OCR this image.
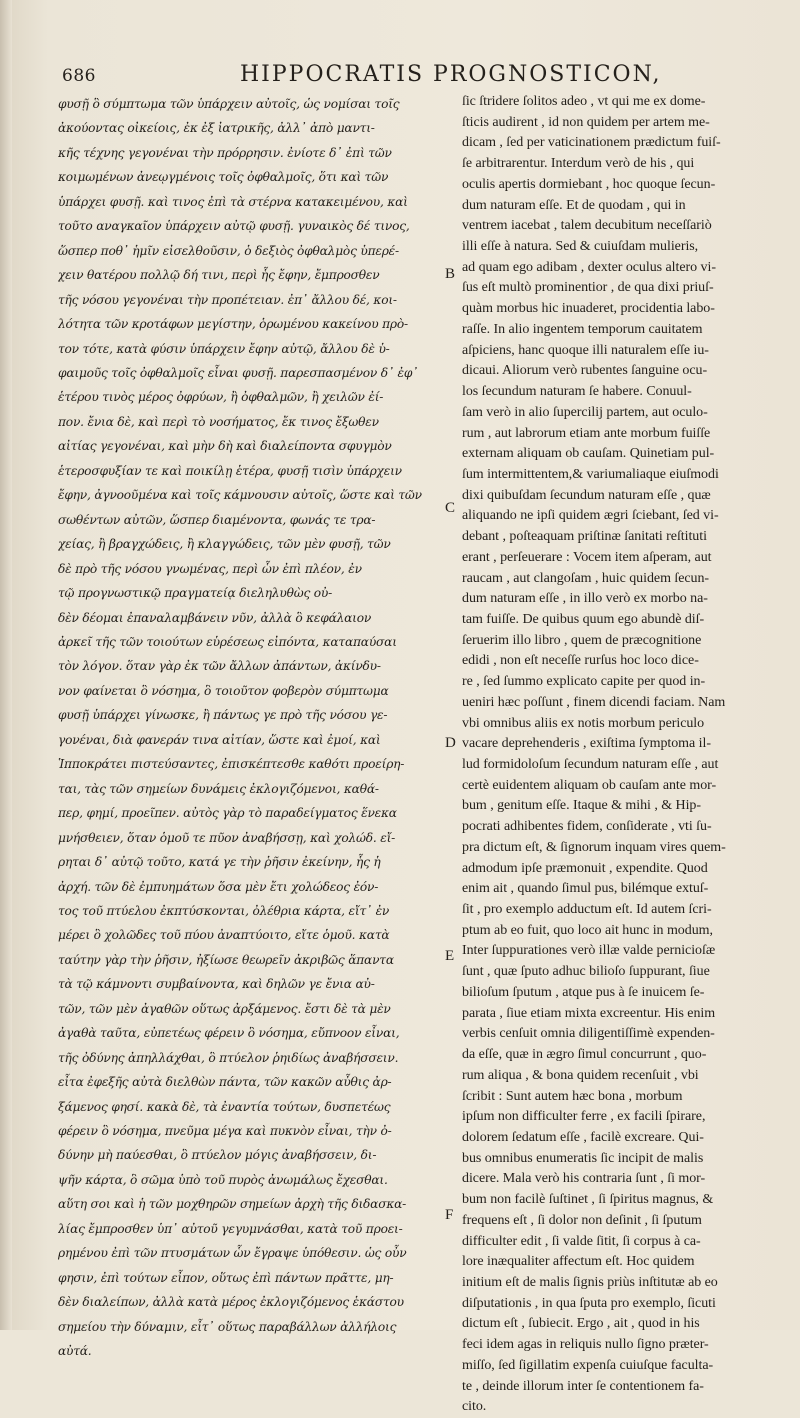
686	HIPPOCRATIS PROGNOSTICON,

φυσῇ ὃ σύμπτωμα τῶν ὑπάρχειν αὐτοῖς, ὡς νομίσαι τοῖς

ἀκούοντας οἰκείοις, ἐκ ἐξ ἰατρικῆς, ἀλλ᾽ ἀπὸ μαντι-

κῆς τέχνης γεγονέναι τὴν πρόρρησιν. ἐνίοτε δ᾽ ἐπὶ τῶν

κοιμωμένων ἀνεῳγμένοις τοῖς ὀφθαλμοῖς, ὅτι καὶ τῶν

ὑπάρχει φυσῇ. καὶ τινος ἐπὶ τὰ στέρνα κατακειμένου, καὶ

τοῦτο αναγκαῖον ὑπάρχειν αὐτῷ φυσῇ. γυναικὸς δέ τινος,

ὥσπερ ποθ᾽ ἡμῖν εἰσελθοῦσιν, ὁ δεξιὸς ὀφθαλμὸς ὑπερέ-

χειν θατέρου πολλῷ δή τινι, περὶ ἧς ἔφην, ἔμπροσθεν

τῆς νόσου γεγονέναι τὴν προπέτειαν. ἐπ᾽ ἄλλου δέ, κοι-

λότητα τῶν κροτάφων μεγίστην, ὁρωμένου κακείνου πρὸ-

τον τότε, κατὰ φύσιν ὑπάρχειν ἔφην αὐτῷ, ἄλλου δὲ ὑ-

φαιμοῦς τοῖς ὀφθαλμοῖς εἶναι φυσῇ. παρεσπασμένον δ᾽ ἐφ᾽

ἑτέρου τινὸς μέρος ὀφρύων, ἢ ὀφθαλμῶν, ἢ χειλῶν ἐί-

πον. ἔνια δὲ, καὶ περὶ τὸ νοσήματος, ἔκ τινος ἔξωθεν

αἰτίας γεγονέναι, καὶ μὴν δὴ καὶ διαλείποντα σφυγμὸν

ἑτεροσφυξίαν τε καὶ ποικίλῃ ἑτέρα, φυσῇ τισὶν ὑπάρχειν

ἔφην, ἀγνοοῦμένα καὶ τοῖς κάμνουσιν αὐτοῖς, ὥστε καὶ τῶν

σωθέντων αὐτῶν, ὥσπερ διαμένοντα, φωνάς τε τρα-

χείας, ἢ βραγχώδεις, ἢ κλαγγώδεις, τῶν μὲν φυσῇ, τῶν

δὲ πρὸ τῆς νόσου γνωμένας, περὶ ὧν ἐπὶ πλέον, ἐν

τῷ προγνωστικῷ πραγματείᾳ διεληλυθὼς οὐ-

δὲν δέομαι ἐπαναλαμβάνειν νῦν, ἀλλὰ ὃ κεφάλαιον

ἀρκεῖ τῆς τῶν τοιούτων εὑρέσεως εἰπόντα, καταπαύσαι

τὸν λόγον. ὅταν γὰρ ἐκ τῶν ἄλλων ἀπάντων, ἀκίνδυ-

νον φαίνεται ὃ νόσημα, ὃ τοιοῦτον φοβερὸν σύμπτωμα

φυσῇ ὑπάρχει γίνωσκε, ἢ πάντως γε πρὸ τῆς νόσου γε-

γονέναι, διὰ φανεράν τινα αἰτίαν, ὥστε καὶ ἐμοί, καὶ

Ἱπποκράτει πιστεύσαντες, ἐπισκέπτεσθε καθότι προείρη-

ται, τὰς τῶν σημείων δυνάμεις ἐκλογιζόμενοι, καθά-

περ, φημί, προεῖπεν. αὐτὸς γὰρ τὸ παραδείγματος ἕνεκα

μνήσθειεν, ὅταν ὁμοῦ τε πῦον ἀναβήσσῃ, καὶ χολώδ. εἴ-

ρηται δ᾽ αὐτῷ τοῦτο, κατά γε τὴν ῥῆσιν ἐκείνην, ἧς ἡ

ἀρχή. τῶν δὲ ἐμπυημάτων ὅσα μὲν ἔτι χολώδεος ἐόν-

τος τοῦ πτύελου ἐκπτύσκονται, ὀλέθρια κάρτα, εἴτ᾽ ἐν

μέρει ὃ χολῶδες τοῦ πύου ἀναπτύοιτο, εἴτε ὁμοῦ. κατὰ

ταύτην γὰρ τὴν ῥῆσιν, ἠξίωσε θεωρεῖν ἀκριβῶς ἅπαντα

τὰ τῷ κάμνοντι συμβαίνοντα, καὶ δηλῶν γε ἔνια αὐ-

τῶν, τῶν μὲν ἀγαθῶν οὕτως ἀρξάμενος. ἔστι δὲ τὰ μὲν

ἀγαθὰ ταῦτα, εὐπετέως φέρειν ὃ νόσημα, εὔπνοον εἶναι,

τῆς ὀδύνης ἀπηλλάχθαι, ὃ πτύελον ῥηιδίως ἀναβήσσειν.

εἶτα ἐφεξῆς αὐτὰ διελθὼν πάντα, τῶν κακῶν αὖθις ἀρ-

ξάμενος φησί. κακὰ δὲ, τὰ ἐναντία τούτων, δυσπετέως

φέρειν ὃ νόσημα, πνεῦμα μέγα καὶ πυκνὸν εἶναι, τὴν ὀ-

δύνην μὴ παύεσθαι, ὃ πτύελον μόγις ἀναβήσσειν, δι-

ψῆν κάρτα, ὃ σῶμα ὑπὸ τοῦ πυρὸς ἀνωμάλως ἔχεσθαι.

αὕτη σοι καὶ ἡ τῶν μοχθηρῶν σημείων ἀρχὴ τῆς διδασκα-

λίας ἔμπροσθεν ὑπ᾽ αὐτοῦ γεγυμνάσθαι, κατὰ τοῦ προει-

ρημένου ἐπὶ τῶν πτυσμάτων ὧν ἔγραψε ὑπόθεσιν. ὡς οὖν

φησιν, ἐπὶ τούτων εἶπον, οὕτως ἐπὶ πάντων πρᾶττε, μη-

δὲν διαλείπων, ἀλλὰ κατὰ μέρος ἐκλογιζόμενος ἑκάστου

σημείου τὴν δύναμιν, εἶτ᾽ οὕτως παραβάλλων ἀλλήλοις

αὐτά.

ſic ſtridere ſolitos adeo , vt qui me ex dome-

ſticis audirent , id non quidem per artem me-

dicam , ſed per vaticinationem prædictum fuiſ-

ſe arbitrarentur. Interdum verò de his , qui

oculis apertis dormiebant , hoc quoque ſecun-

dum naturam eſſe. Et de quodam , qui in

ventrem iacebat , talem decubitum neceſſariò

illi eſſe à natura. Sed & cuiuſdam mulieris,

ad quam ego adibam , dexter oculus altero vi-

ſus eſt multò prominentior , de qua dixi priuſ-

quàm morbus hic inuaderet, procidentia labo-

raſſe. In alio ingentem temporum cauitatem

aſpiciens, hanc quoque illi naturalem eſſe iu-

dicaui. Aliorum verò rubentes ſanguine ocu-

los ſecundum naturam ſe habere. Conuul-

ſam verò in alio ſupercilij partem, aut oculo-

rum , aut labrorum etiam ante morbum fuiſſe

externam aliquam ob cauſam. Quinetiam pul-

ſum intermittentem,& variumaliaque eiuſmodi

dixi quibuſdam ſecundum naturam eſſe , quæ

aliquando ne ipſi quidem ægri ſciebant, ſed vi-

debant , poſteaquam priſtinæ ſanitati reſtituti

erant , perſeuerare : Vocem item aſperam, aut

raucam , aut clangoſam , huic quidem ſecun-

dum naturam eſſe , in illo verò ex morbo na-

tam fuiſſe. De quibus quum ego abundè diſ-

ſeruerim illo libro , quem de præcognitione

edidi , non eſt neceſſe rurſus hoc loco dice-

re , ſed ſummo explicato capite per quod in-

ueniri hæc poſſunt , finem dicendi faciam. Nam

vbi omnibus aliis ex notis morbum periculo

vacare deprehenderis , exiſtima ſymptoma il-

lud formidoloſum ſecundum naturam eſſe , aut

certè euidentem aliquam ob cauſam ante mor-

bum , genitum eſſe. Itaque & mihi , & Hip-

pocrati adhibentes fidem, conſiderate , vti ſu-

pra dictum eſt, & ſignorum inquam vires quem-

admodum ipſe præmonuit , expendite. Quod

enim ait , quando ſimul pus, bilémque extuſ-

ſit , pro exemplo adductum eſt. Id autem ſcri-

ptum ab eo fuit, quo loco ait hunc in modum,

Inter ſuppurationes verò illæ valde pernicioſæ

ſunt , quæ ſputo adhuc bilioſo ſuppurant, ſiue

bilioſum ſputum , atque pus à ſe inuicem ſe-

parata , ſiue etiam mixta excreentur. His enim

verbis cenſuit omnia diligentiſſimè expenden-

da eſſe, quæ in ægro ſimul concurrunt , quo-

rum aliqua , & bona quidem recenſuit , vbi

ſcribit : Sunt autem hæc bona , morbum

ipſum non difficulter ferre , ex facili ſpirare,

dolorem ſedatum eſſe , facilè excreare. Qui-

bus omnibus enumeratis ſic incipit de malis

dicere. Mala verò his contraria ſunt , ſi mor-

bum non facilè ſuſtinet , ſi ſpiritus magnus, &

frequens eſt , ſi dolor non deſinit , ſi ſputum

difficulter edit , ſi valde ſitit, ſi corpus à ca-

lore inæqualiter affectum eſt. Hoc quidem

initium eſt de malis ſignis priùs inſtitutæ ab eo

diſputationis , in qua ſputa pro exemplo, ſicuti

dictum eſt , ſubiecit. Ergo , ait , quod in his

feci idem agas in reliquis nullo ſigno præter-

miſſo, ſed ſigillatim expenſa cuiuſque faculta-

te , deinde illorum inter ſe contentionem fa-

cito.

B
C
D
E
F
